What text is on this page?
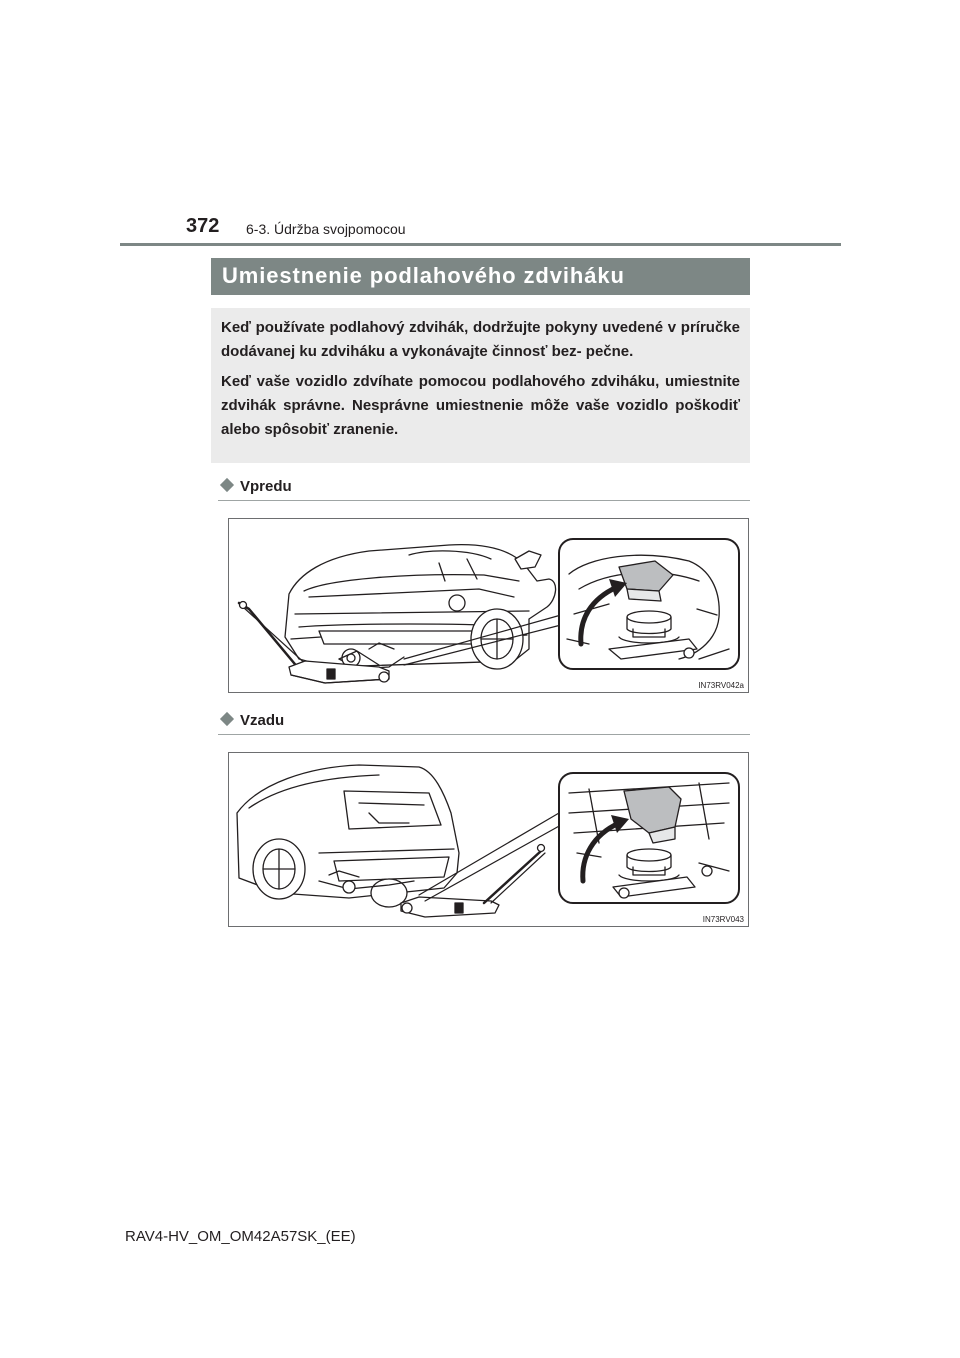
372 6-3. Údržba svojpomocou
Umiestnenie podlahového zdviháku

Keď používate podlahový zdvihák, dodržujte pokyny uvedené v príručke dodávanej ku zdviháku a vykonávajte činnosť bez- pečne.

Keď vaše vozidlo zdvíhate pomocou podlahového zdviháku, umiestnite zdvihák správne. Nesprávne umiestnenie môže vaše vozidlo poškodiť alebo spôsobiť zranenie.

Vpredu
IN73RV042a
Vzadu
IN73RV043
RAV4-HV_OM_OM42A57SK_(EE)
